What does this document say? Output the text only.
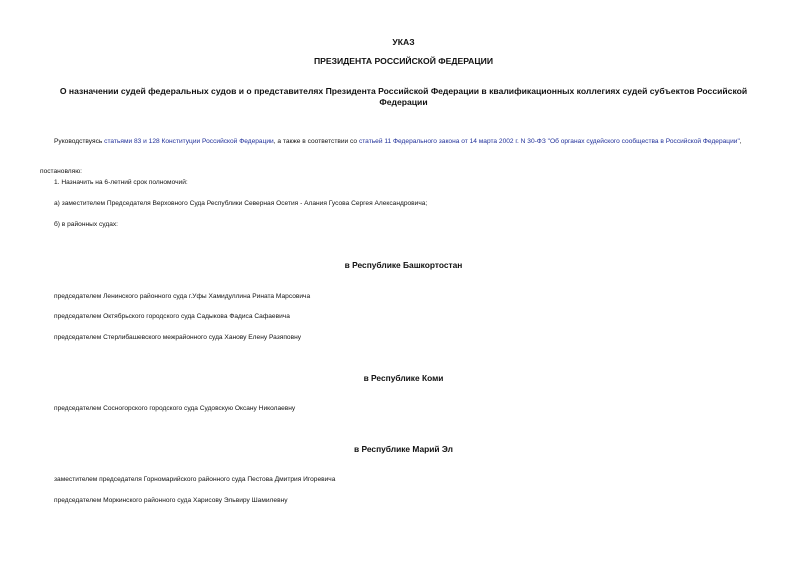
УКАЗ
ПРЕЗИДЕНТА РОССИЙСКОЙ ФЕДЕРАЦИИ
О назначении судей федеральных судов и о представителях Президента Российской Федерации в квалификационных коллегиях судей субъектов Российской Федерации
Руководствуясь статьями 83 и 128 Конституции Российской Федерации, а также в соответствии со статьей 11 Федерального закона от 14 марта 2002 г. N 30-ФЗ "Об органах судейского сообщества в Российской Федерации",
постановляю:
1. Назначить на 6-летний срок полномочий:
а) заместителем Председателя Верховного Суда Республики Северная Осетия - Алания Гусова Сергея Александровича;
б) в районных судах:
в Республике Башкортостан
председателем Ленинского районного суда г.Уфы Хамидуллина Рината Марсовича
председателем Октябрьского городского суда Садыкова Фадиса Сафаевича
председателем Стерлибашевского межрайонного суда Ханову Елену Разяповну
в Республике Коми
председателем Сосногорского городского суда Судовскую Оксану Николаевну
в Республике Марий Эл
заместителем председателя Горномарийского районного суда Пестова Дмитрия Игоревича
председателем Моркинского районного суда Харисову Эльвиру Шамилевну
